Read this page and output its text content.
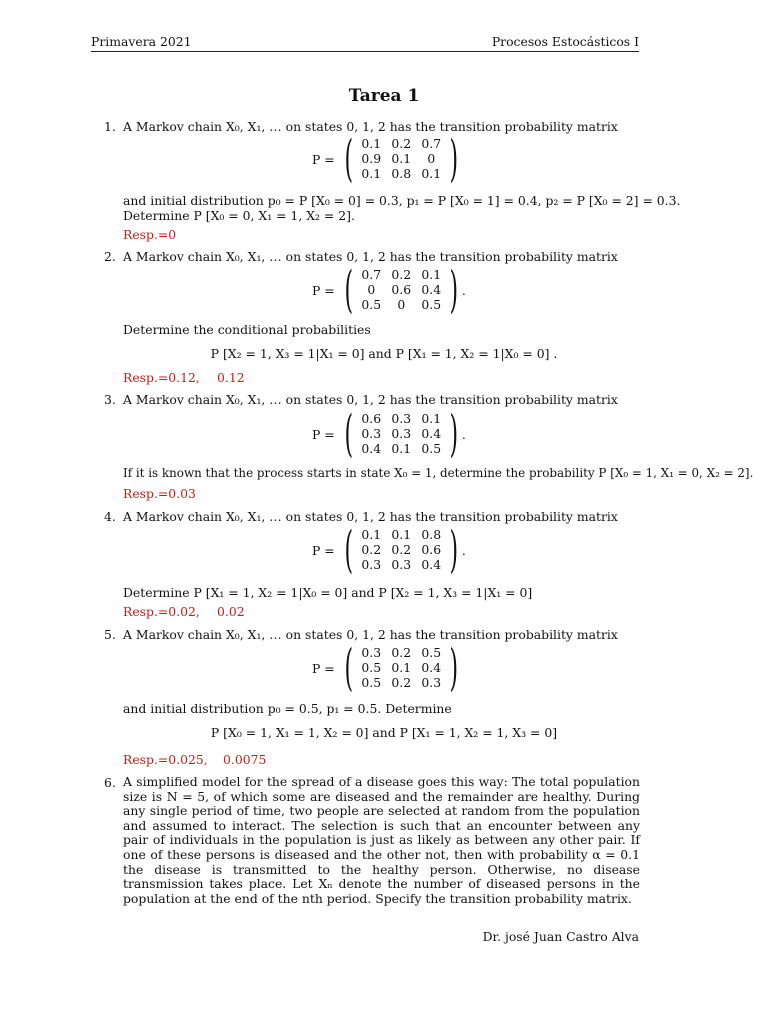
Primavera 2021	Procesos Estocásticos I
Tarea 1
1. A Markov chain X₀, X₁, … on states 0, 1, 2 has the transition probability matrix
P = ( 0.1 0.2 0.7
0.9 0.1	0
0.1 0.8 0.1 )
and initial distribution p₀ = P [X₀ = 0] = 0.3, p₁ = P [X₀ = 1] = 0.4, p₂ = P [X₀ = 2] = 0.3.
Determine P [X₀ = 0, X₁ = 1, X₂ = 2].
Resp.=0
2. A Markov chain X₀, X₁, … on states 0, 1, 2 has the transition probability matrix
P = ( 0.7 0.2 0.1
0	0.6 0.4
0.5	0	0.5 ) .
Determine the conditional probabilities
P [X₂ = 1, X₃ = 1|X₁ = 0] and P [X₁ = 1, X₂ = 1|X₀ = 0] .
Resp.=0.12, 0.12
3. A Markov chain X₀, X₁, … on states 0, 1, 2 has the transition probability matrix
P = ( 0.6 0.3 0.1
0.3 0.3 0.4
0.4 0.1 0.5 ) .
If it is known that the process starts in state X₀ = 1, determine the probability P [X₀ = 1, X₁ = 0, X₂ = 2].
Resp.=0.03
4. A Markov chain X₀, X₁, … on states 0, 1, 2 has the transition probability matrix
P = ( 0.1 0.1 0.8
0.2 0.2 0.6
0.3 0.3 0.4 ) .
Determine P [X₁ = 1, X₂ = 1|X₀ = 0] and P [X₂ = 1, X₃ = 1|X₁ = 0]
Resp.=0.02, 0.02
5. A Markov chain X₀, X₁, … on states 0, 1, 2 has the transition probability matrix
P = ( 0.3 0.2 0.5
0.5 0.1 0.4
0.5 0.2 0.3 )
and initial distribution p₀ = 0.5, p₁ = 0.5. Determine
P [X₀ = 1, X₁ = 1, X₂ = 0] and P [X₁ = 1, X₂ = 1, X₃ = 0]
Resp.=0.025, 0.0075
6. A simplified model for the spread of a disease goes this way: The total population size is N = 5, of which some are diseased and the remainder are healthy. During any single period of time, two people are selected at random from the population and assumed to interact. The selection is such that an encounter between any pair of individuals in the population is just as likely as between any other pair. If one of these persons is diseased and the other not, then with probability α = 0.1 the disease is transmitted to the healthy person. Otherwise, no disease transmission takes place. Let Xₙ denote the number of diseased persons in the population at the end of the nth period. Specify the transition probability matrix.
Dr. josé Juan Castro Alva
